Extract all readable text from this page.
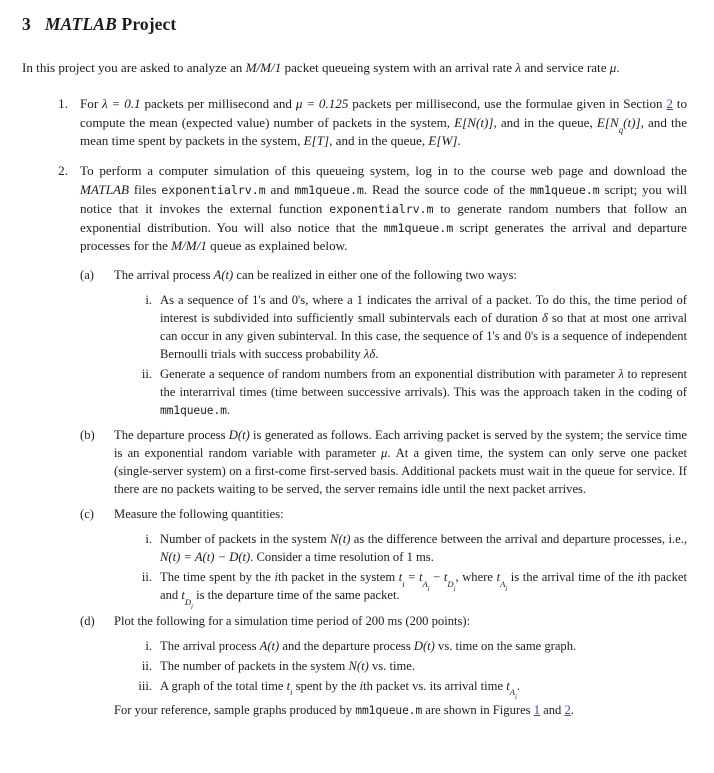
3 MATLAB Project

In this project you are asked to analyze an M/M/1 packet queueing system with an arrival rate λ and service rate μ.

1. For λ = 0.1 packets per millisecond and μ = 0.125 packets per millisecond, use the formulae given in Section 2 to compute the mean (expected value) number of packets in the system, E[N(t)], and in the queue, $E[N_q(t)]$, and the mean time spent by packets in the system, E[T], and in the queue, E[W].
2. To perform a computer simulation of this queueing system, log in to the course web page and download the MATLAB files exponentialrv.m and mm1queue.m. Read the source code of the mm1queue.m script; you will notice that it invokes the external function exponentialrv.m to generate random numbers that follow an exponential distribution. You will also notice that the mm1queue.m script generates the arrival and departure processes for the M/M/1 queue as explained below.
(a)	The arrival process A(t) can be realized in either one of the following two ways:
i. As a sequence of 1's and 0's, where a 1 indicates the arrival of a packet. To do this, the time period of interest is subdivided into sufficiently small subintervals each of duration δ so that at most one arrival can occur in any given subinterval. In this case, the sequence of 1's and 0's is a sequence of independent Bernoulli trials with success probability λδ.
ii. Generate a sequence of random numbers from an exponential distribution with parameter λ to represent the interarrival times (time between successive arrivals). This was the approach taken in the coding of mm1queue.m.
(b)	The departure process D(t) is generated as follows. Each arriving packet is served by the system; the service time is an exponential random variable with parameter μ. At a given time, the system can only serve one packet (single-server system) on a first-come first-served basis. Additional packets must wait in the queue for service. If there are no packets waiting to be served, the server remains idle until the next packet arrives.
(c)	Measure the following quantities:
i. Number of packets in the system N(t) as the difference between the arrival and departure processes, i.e., N(t) = A(t) − D(t). Consider a time resolution of 1 ms.
ii. The time spent by the ith packet in the system $t_i = t_{A_i} - t_{D_i}$, where $t_{A_i}$ is the arrival time of the ith packet and $t_{D_i}$ is the departure time of the same packet.
(d)	Plot the following for a simulation time period of 200 ms (200 points):
i. The arrival process A(t) and the departure process D(t) vs. time on the same graph.
ii. The number of packets in the system N(t) vs. time.
iii. A graph of the total time $t_i$ spent by the ith packet vs. its arrival time $t_{A_i}$.

For your reference, sample graphs produced by mm1queue.m are shown in Figures 1 and 2.
